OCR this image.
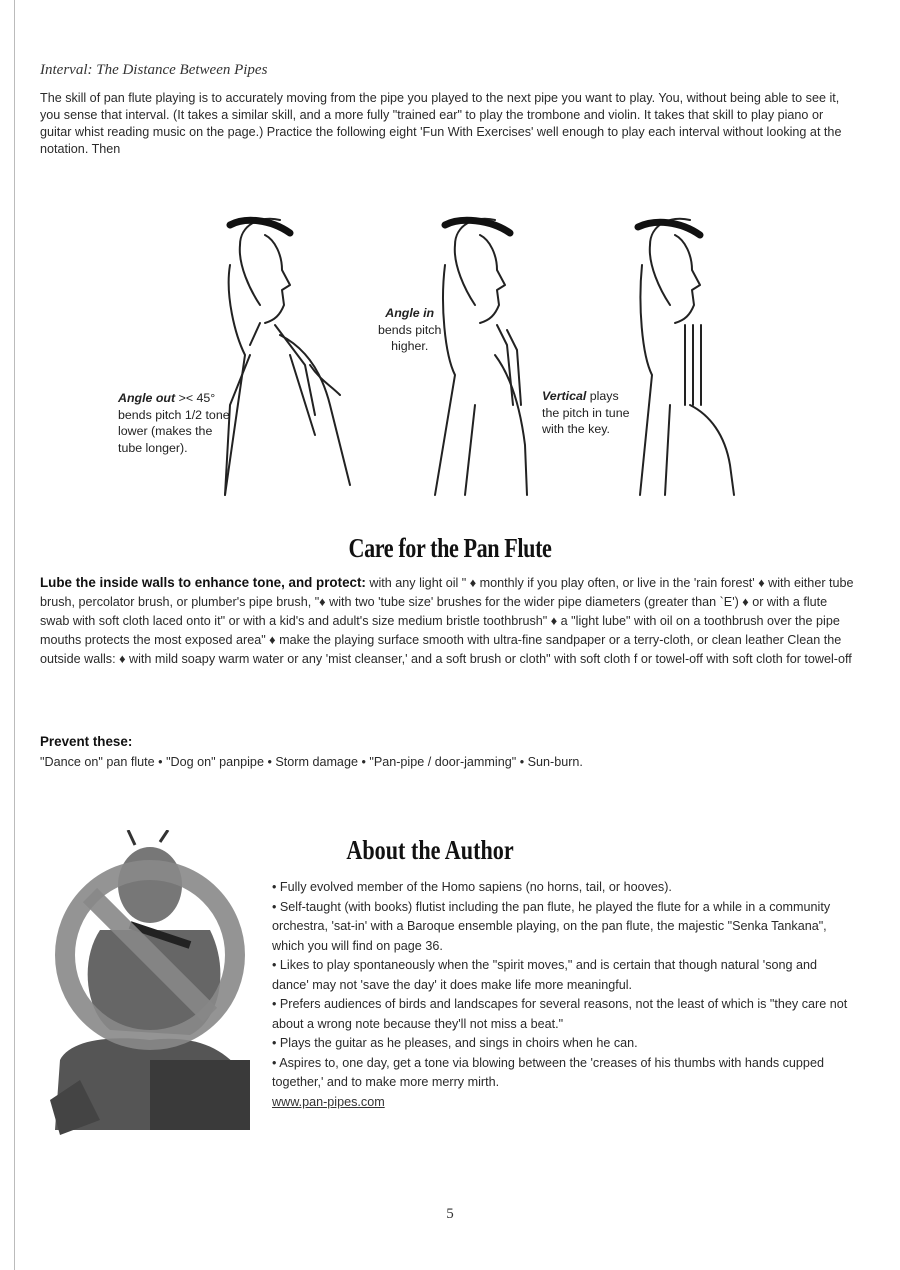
Interval: The Distance Between Pipes
The skill of pan flute playing is to accurately moving from the pipe you played to the next pipe you want to play. You, without being able to see it, you sense that interval. (It takes a similar skill, and a more fully "trained ear" to play the trombone and violin. It takes that skill to play piano or guitar whist reading music on the page.) Practice the following eight 'Fun With Exercises' well enough to play each interval without looking at the notation. Then
Angle out >< 45°
bends pitch 1/2 tone
lower (makes the
tube longer).
Angle in
bends pitch
higher.
Vertical plays
the pitch in tune
with the key.
Care for the Pan Flute
Lube the inside walls to enhance tone, and protect: with any light oil " ♦ monthly if you play often, or live in the 'rain forest' ♦ with either tube brush, percolator brush, or plumber's pipe brush, "♦ with two 'tube size' brushes for the wider pipe diameters (greater than `E') ♦ or with a flute swab with soft cloth laced onto it" or with a kid's and adult's size medium bristle toothbrush" ♦ a "light lube" with oil on a toothbrush over the pipe mouths protects the most exposed area" ♦ make the playing surface smooth with ultra-fine sandpaper or a terry-cloth, or clean leather Clean the outside walls: ♦ with mild soapy warm water or any 'mist cleanser,' and a soft brush or cloth" with soft cloth f or towel-off with soft cloth for towel-off
Prevent these:
"Dance on" pan flute • "Dog on" panpipe • Storm damage • "Pan-pipe / door-jamming" • Sun-burn.
About the Author

• Fully evolved member of the Homo sapiens (no horns, tail, or hooves).

• Self-taught (with books) flutist including the pan flute, he played the flute for a while in a community orchestra, 'sat-in' with a Baroque ensemble playing, on the pan flute, the majestic "Senka Tankana", which you will find on page 36.

• Likes to play spontaneously when the "spirit moves," and is certain that though natural 'song and dance' may not 'save the day' it does make life more meaningful.

• Prefers audiences of birds and landscapes for several reasons, not the least of which is "they care not about a wrong note because they'll not miss a beat."

• Plays the guitar as he pleases, and sings in choirs when he can.

• Aspires to, one day, get a tone via blowing between the 'creases of his thumbs with hands cupped together,' and to make more merry mirth.

www.pan-pipes.com

5
